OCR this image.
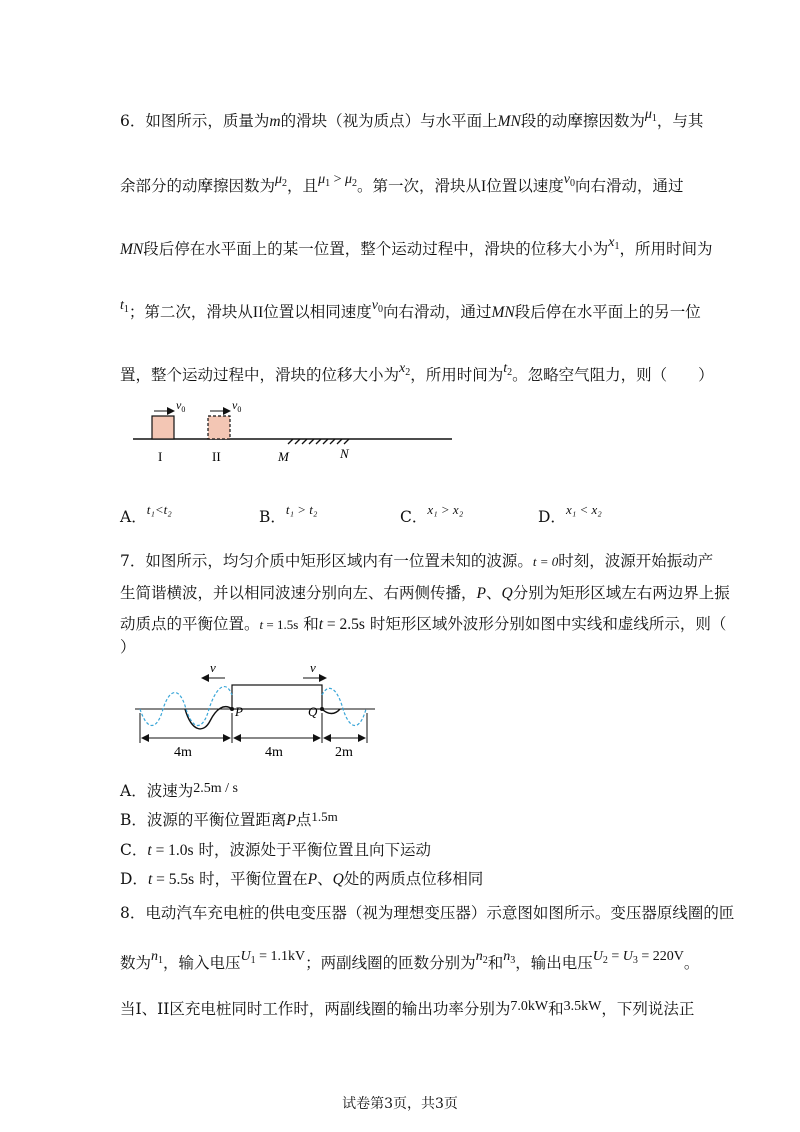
6．如图所示，质量为m的滑块（视为质点）与水平面上MN段的动摩擦因数为$\mu_1$，与其
余部分的动摩擦因数为$\mu_2$，且$\mu_1 > \mu_2$。第一次，滑块从I位置以速度$v_0$向右滑动，通过
MN段后停在水平面上的某一位置，整个运动过程中，滑块的位移大小为$x_1$，所用时间为
$t_1$；第二次，滑块从II位置以相同速度$v_0$向右滑动，通过MN段后停在水平面上的另一位
置，整个运动过程中，滑块的位移大小为$x_2$，所用时间为$t_2$。忽略空气阻力，则（　　）
$v_0$	$v_0$
I	II	M	N
A．$^{t_1<t_2}$	B．$^{t_1 > t_2}$	C．$^{x_1 > x_2}$	D．$^{x_1 < x_2}$
7．如图所示，均匀介质中矩形区域内有一位置未知的波源。t = 0时刻，波源开始振动产
生简谐横波，并以相同波速分别向左、右两侧传播，P、Q分别为矩形区域左右两边界上振
动质点的平衡位置。t = 1.5s 和t = 2.5s 时矩形区域外波形分别如图中实线和虚线所示，则（
）
P	Q
v	v
4m	4m	2m
A．波速为2.5m / s
B．波源的平衡位置距离P点$^{1.5m}$
C．t = 1.0s 时，波源处于平衡位置且向下运动
D．t = 5.5s 时，平衡位置在P、Q处的两质点位移相同
8．电动汽车充电桩的供电变压器（视为理想变压器）示意图如图所示。变压器原线圈的匝
数为$n_1$，输入电压$U_1 = 1.1kV$；两副线圈的匝数分别为$n_2$和$n_3$，输出电压$U_2 = U_3 = 220V$。
当I、II区充电桩同时工作时，两副线圈的输出功率分别为7.0kW和3.5kW，下列说法正
试卷第3页，共3页
